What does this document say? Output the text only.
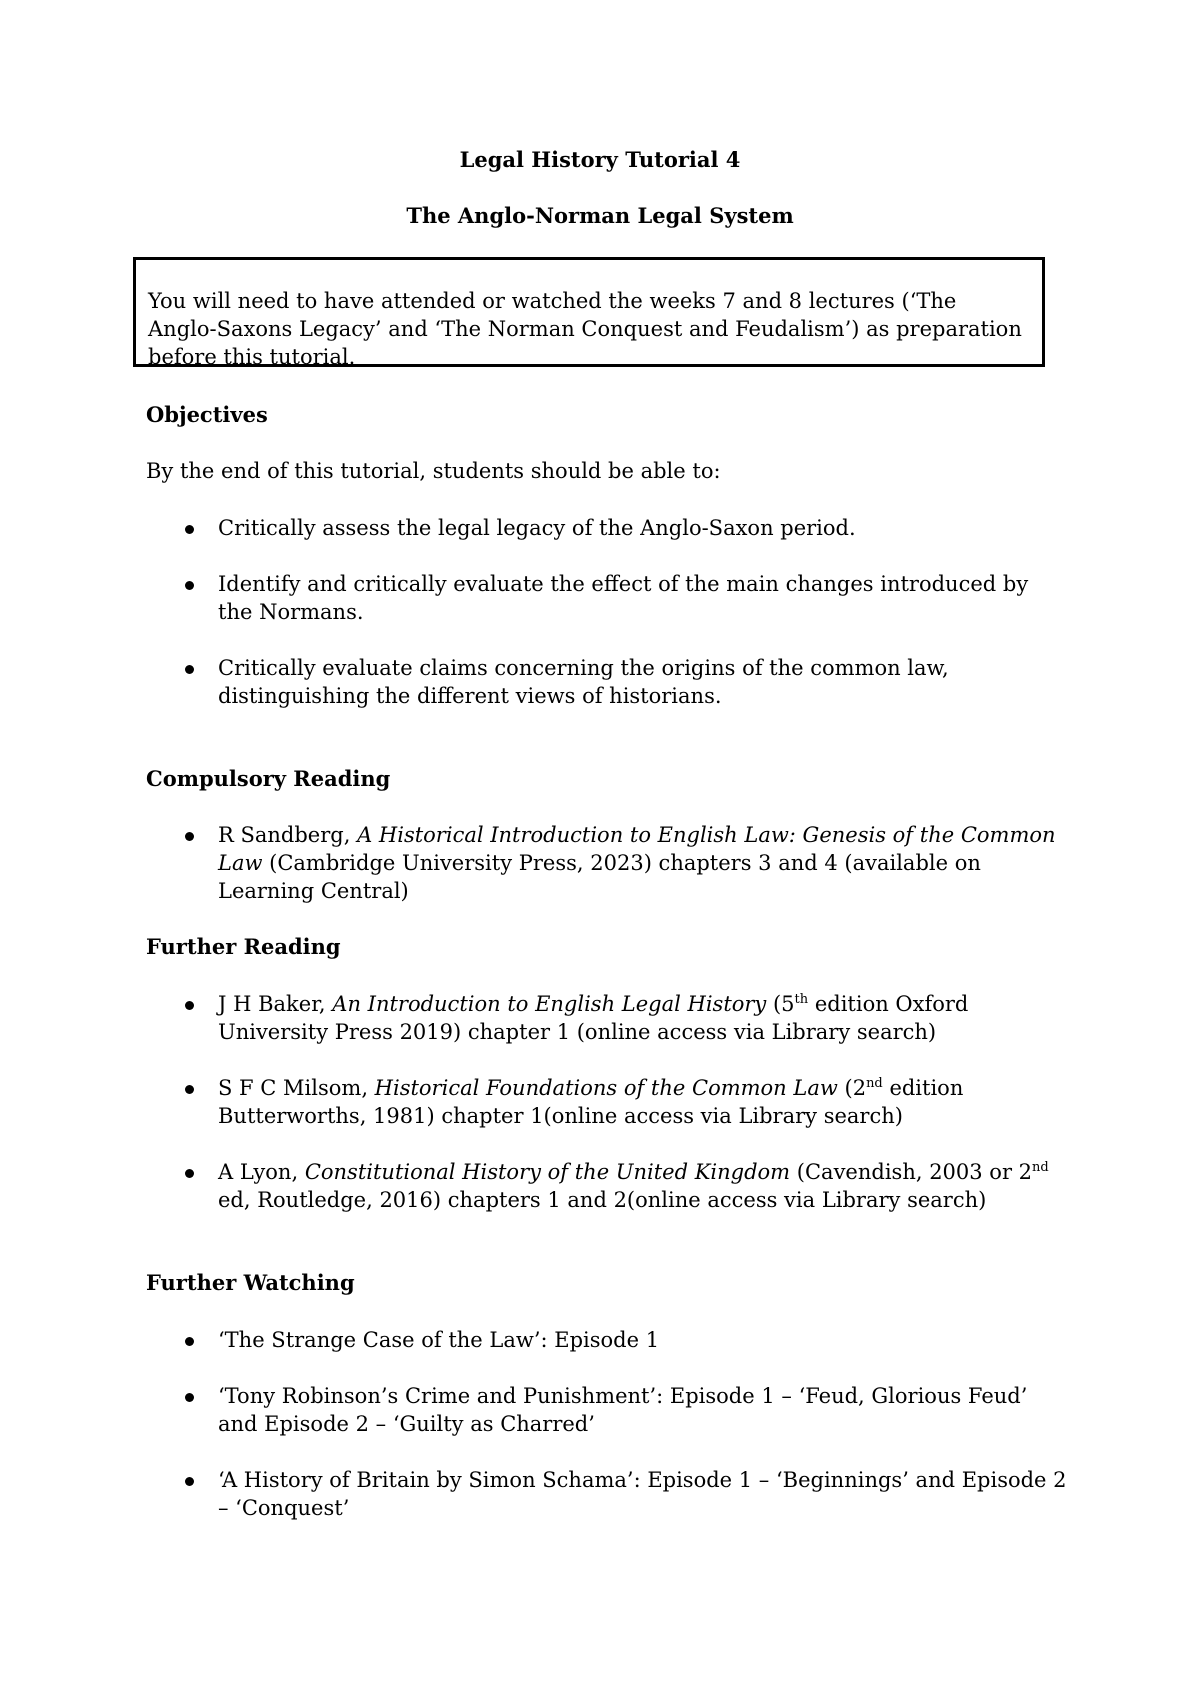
Legal History Tutorial 4
The Anglo-Norman Legal System

You will need to have attended or watched the weeks 7 and 8 lectures (‘The Anglo-Saxons Legacy’ and ‘The Norman Conquest and Feudalism’) as preparation before this tutorial.

Objectives
By the end of this tutorial, students should be able to:
Critically assess the legal legacy of the Anglo-Saxon period.
Identify and critically evaluate the effect of the main changes introduced by the Normans.
Critically evaluate claims concerning the origins of the common law, distinguishing the different views of historians.
Compulsory Reading
R Sandberg, A Historical Introduction to English Law: Genesis of the Common Law (Cambridge University Press, 2023) chapters 3 and 4 (available on Learning Central)
Further Reading
J H Baker, An Introduction to English Legal History (5th edition Oxford University Press 2019) chapter 1 (online access via Library search)
S F C Milsom, Historical Foundations of the Common Law (2nd edition Butterworths, 1981) chapter 1(online access via Library search)
A Lyon, Constitutional History of the United Kingdom (Cavendish, 2003 or 2nd ed, Routledge, 2016) chapters 1 and 2(online access via Library search)
Further Watching
‘The Strange Case of the Law’: Episode 1
‘Tony Robinson’s Crime and Punishment’: Episode 1 – ‘Feud, Glorious Feud’ and Episode 2 – ‘Guilty as Charred’
‘A History of Britain by Simon Schama’: Episode 1 – ‘Beginnings’ and Episode 2 – ‘Conquest’
